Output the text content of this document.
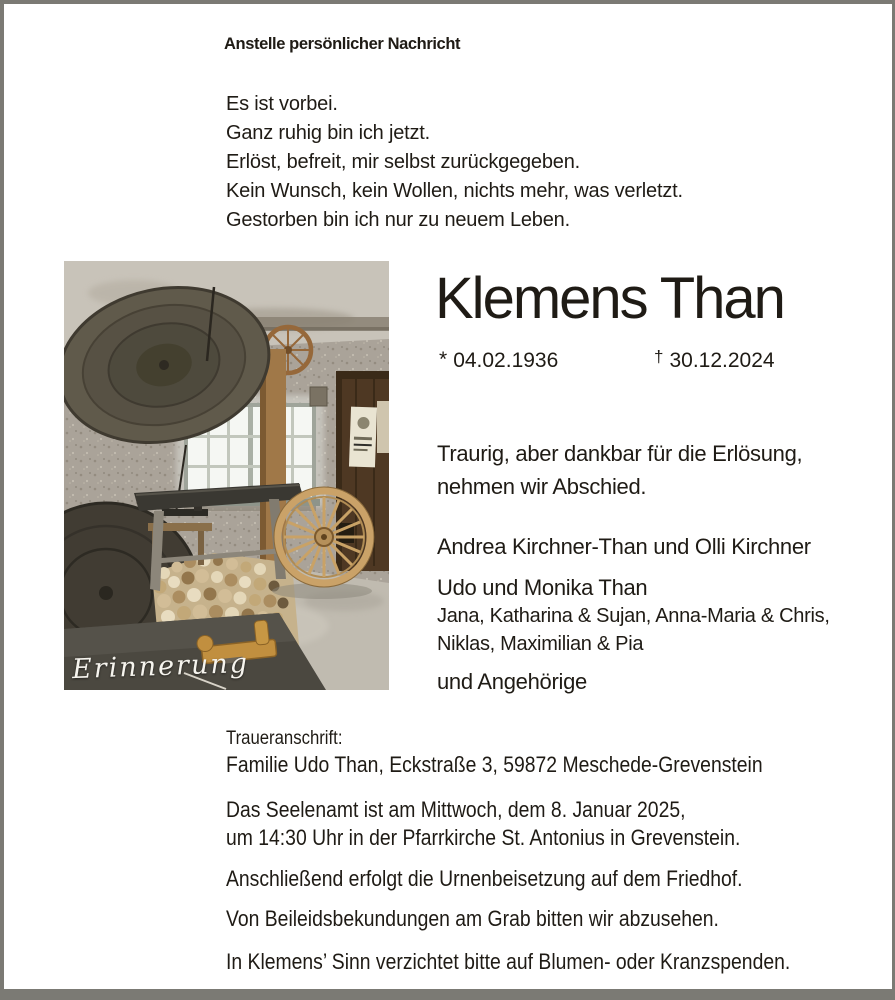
Anstelle persönlicher Nachricht
Es ist vorbei.
Ganz ruhig bin ich jetzt.
Erlöst, befreit, mir selbst zurückgegeben.
Kein Wunsch, kein Wollen, nichts mehr, was verletzt.
Gestorben bin ich nur zu neuem Leben.
Erinnerung
Klemens Than
* 04.02.1936	† 30.12.2024
Traurig, aber dankbar für die Erlösung,
nehmen wir Abschied.
Andrea Kirchner-Than und Olli Kirchner
Udo und Monika Than
Jana, Katharina & Sujan, Anna-Maria & Chris,
Niklas, Maximilian & Pia
und Angehörige
Traueranschrift:
Familie Udo Than, Eckstraße 3, 59872 Meschede-Grevenstein
Das Seelenamt ist am Mittwoch, dem 8. Januar 2025,
um 14:30 Uhr in der Pfarrkirche St. Antonius in Grevenstein.
Anschließend erfolgt die Urnenbeisetzung auf dem Friedhof.
Von Beileidsbekundungen am Grab bitten wir abzusehen.
In Klemens’ Sinn verzichtet bitte auf Blumen- oder Kranzspenden.
